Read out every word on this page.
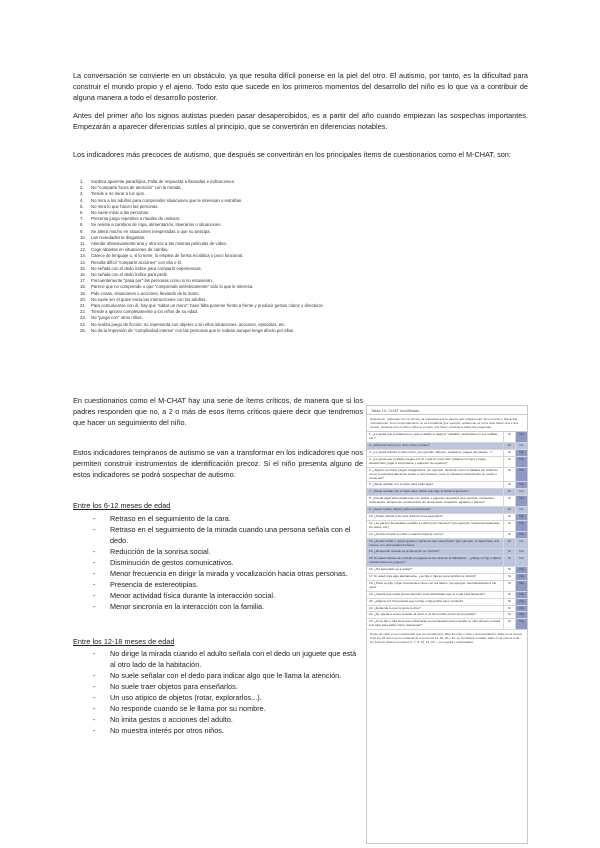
La conversación se convierte en un obstáculo, ya que resulta difícil ponerse en la piel del otro. El autismo, por tanto, es la dificultad para construir el mundo propio y el ajeno. Todo esto que sucede en los primeros momentos del desarrollo del niño es lo que va a contribuir de alguna manera a todo el desarrollo posterior.
Antes del primer año los signos autistas pueden pasar desapercibidos, es a partir del año cuando empiezan las sospechas importantes. Empezarán a aparecer diferencias sutiles al principio, que se convertirán en diferencias notables.
Los indicadores más precoces de autismo, que después se convertirán en los principales ítems de cuestionarios como el M-CHAT, son:
1. Sordera aparente paradójica. Falta de respuesta a llamadas e indicaciones.
2. No "comparte focos de atención" con la mirada.
3. Tiende a no mirar a los ojos.
4. No mira a los adultos para comprender situaciones que le interesan o extrañan.
5. No mira lo que hacen las personas.
6. No suele mirar a las personas.
7. Presenta juego repetitivo o rituales de ordenar.
8. Se resiste a cambios de ropa, alimentación, itinerarios o situaciones.
9. Se altera mucho en situaciones inesperadas o que no anticipa.
10. Las novedades le disgustan.
11. Atiende obsesivamente una y otra vez a las mismas películas de vídeo.
12. Coge rabietas en situaciones de cambio.
13. Carece de lenguaje o, si lo tiene, lo emplea de forma ecolálica o poco funcional.
14. Resulta difícil "compartir acciones" con ella o él.
15. No señala con el dedo índice para compartir experiencias.
16. No señala con el dedo índice para pedir.
17. Frecuentemente "pasa por" las personas como si no estuvieran.
18. Parece que no comprende o que "comprende selectivamente" sólo lo que le interesa.
19. Pide cosas, situaciones o acciones, llevando de la mano.
20. No suele ser él quien inicia las interacciones con los adultos.
21. Para comunicarse con él, hay que "saltar un muro": hace falta ponerse frente a frente y producir gestos claros y directivos.
22. Tiende a ignorar completamente a los niños de su edad.
23. No "juega con" otros niños.
24. No realiza juego de ficción: no representa con objetos o sin ellos situaciones, acciones, episodios, etc.
25. No da la impresión de "complicidad interna" con las personas que le rodean aunque tenga afecto por ellas.
En cuestionarios como el M-CHAT hay una serie de ítems críticos, de manera que si los padres responden que no, a 2 o más de esos ítems críticos quiere decir que tendremos que hacer un seguimiento del niño.
Estos indicadores tempranos de autismo se van a transformar en los indicadores que nos permiten construir instrumentos de identificación precoz. Si el niño presenta alguno de estos indicadores se podrá sospechar de autismo.
Entre los 6-12 meses de edad
- Retraso en el seguimiento de la cara.
- Retraso en el seguimiento de la mirada cuando una persona señala con el dedo.
- Reducción de la sonrisa social.
- Disminución de gestos comunicativos.
- Menor frecuencia en dirigir la mirada y vocalización hacia otras personas.
- Presencia de estereotipias.
- Menor actividad física durante la interacción social.
- Menor sincronía en la interacción con la familia.
Entre los 12-18 meses de edad
- No dirige la mirada cuando el adulto señala con el dedo un juguete que está al otro lado de la habitación.
- No suele señalar con el dedo para indicar algo que le llama la atención.
- No suele traer objetos para enseñarlos.
- Un uso atípico de objetos (rotar, explorarlos...).
- No responde cuando se le llama por su nombre.
- No imita gestos o acciones del adulto.
- No muestra interés por otros niños.
Tabla 14. CHAT modificado
Seleccione, rodeando con un círculo, la respuesta que le parece que refleja mejor cómo su hijo o hija actúa normalmente. Si el comportamiento no es el habitual (por ejemplo, solamente se lo ha visto hacer una o dos veces), conteste que el niño o niña no lo hace. Por favor, conteste a todas las preguntas.
1. ¿Le gusta que le balanceen o que el adulto le haga el "caballito" sentándolo en sus rodillas, etc.?	Sí	No
2. ¿Muestra interés por otros niños o niñas?	Sí	No
3. ¿Le gusta subirse a sitios como, por ejemplo, sillones, escalones, juegos del parque...?	Sí	No
4. ¿Le gusta que el adulto juegue con él o ella al "cucú-tras" (taparse los ojos y luego descubrirlos; jugar a esconderse y aparecer de repente)?	Sí	No
5. ¿Alguna vez hace juegos imaginativos, por ejemplo, haciendo como si hablara por teléfono, como si estuviera dando de comer a una muñeca, como si estuviera conduciendo un coche o cosas así?	Sí	No
6. ¿Suele señalar con el dedo para pedir algo?	Sí	No
7. ¿Suele señalar con el dedo para indicar que algo le llama la atención?	Sí	No
8. ¿Puede jugar adecuadamente con piezas o juguetes pequeños (por ejemplo, cochecitos, muñequitos, bloques de construcción) sin únicamente chuparlos, agitarlos o tirarlos?	Sí	No
9. ¿Suele traerle objetos para enseñárselos?	Sí	No
10. ¿Suele mirarle a los ojos durante unos segundos?	Sí	No
11. ¿Le parece demasiado sensible a ruidos poco intensos? (por ejemplo, reacciona tapándose los oídos, etc.)	Sí	No
12. ¿Sonríe al verle a usted o cuando usted le sonríe?	Sí	No
13. ¿Puede imitar o repetir gestos o acciones que usted hace? (por ejemplo, si usted hace una mueca, él o ella también la hace)	Sí	No
14. ¿Responde cuando se le llama por su nombre?	Sí	No
15. Si usted señala con el dedo un juguete al otro lado de la habitación... ¿Dirige su hijo o hija la mirada hacia ese juguete?	Sí	No
16. ¿Ha aprendido ya a andar?	Sí	No
17. Si usted mira algo atentamente, ¿su hijo o hija se pone también a mirarlo?	Sí	No
18. ¿Hace su hijo o hija movimientos raros con los dedos, por ejemplo, acercándoselos a los ojos?	Sí	No
19. ¿Intenta que usted preste atención a las actividades que él o ella está haciendo?	Sí	No
20. ¿Alguna vez ha pensado que su hijo o hija podría tener sordera?	Sí	No
21. ¿Entiende lo que la gente le dice?	Sí	No
22. ¿Se queda a veces mirando al vacío o va de un lado al otro sin propósito?	Sí	No
23. ¿Si su hijo o hija tiene que enfrentarse a una situación desconocida, le mira primero a usted a la cara para saber cómo reaccionar?	Sí	No
Punto de corte en el cuestionario que se considera un fallo del niño o niña y recomendación: Fallo en al menos 3 de los 23 ítems (si se contesta SÍ a los ítems 11, 18, 20 y 22, se considera un fallo). Fallo en al menos 2 de los 6 ítems críticos (números 2, 7, 9, 13, 14, 15 — en negrita y sombreado).
